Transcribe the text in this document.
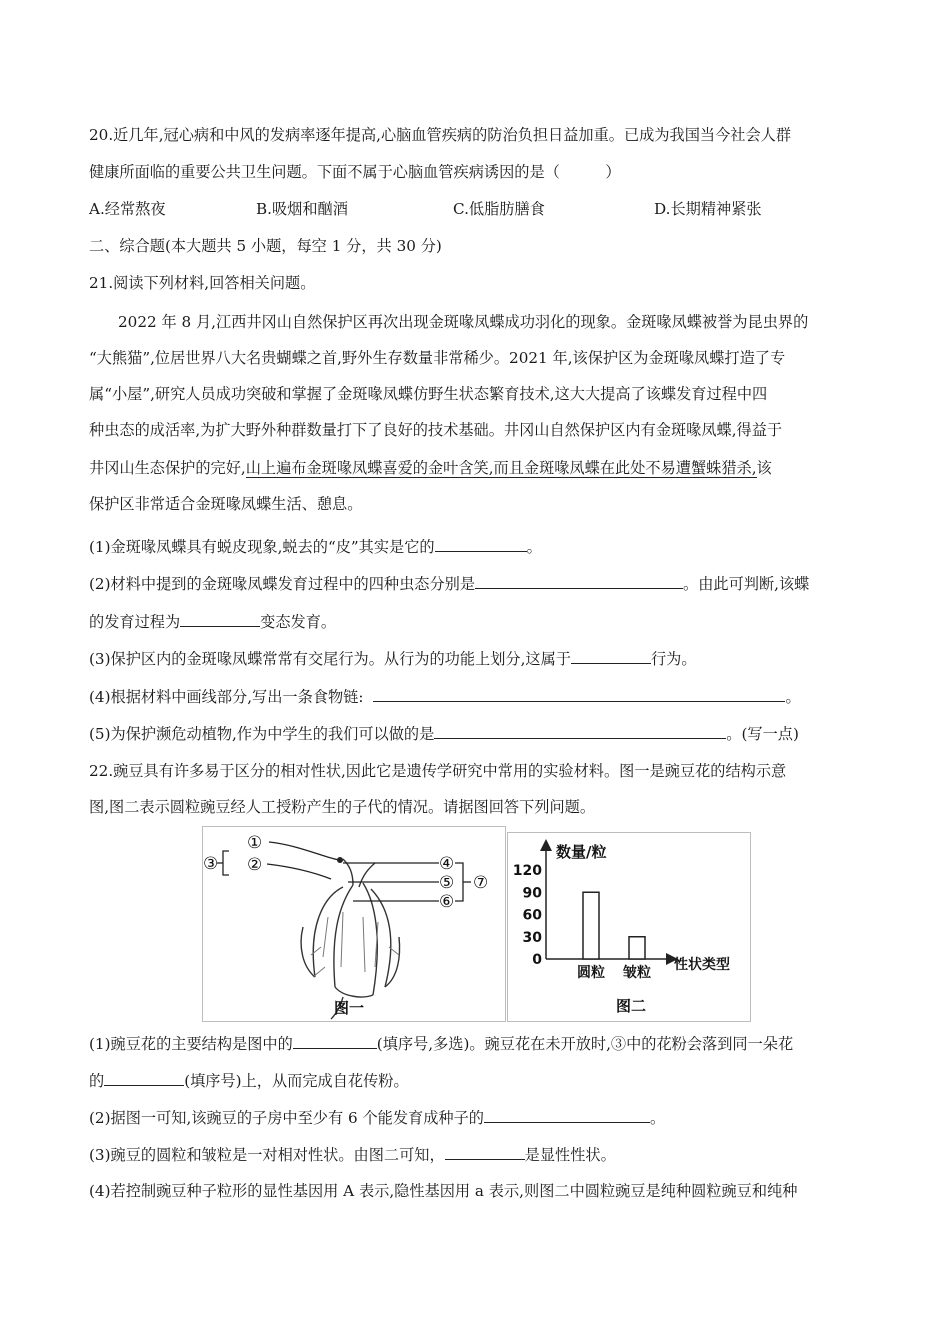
20.近几年,冠心病和中风的发病率逐年提高,心脑血管疾病的防治负担日益加重。已成为我国当今社会人群
健康所面临的重要公共卫生问题。下面不属于心脑血管疾病诱因的是（　　　）
A.经常熬夜	B.吸烟和酗酒	C.低脂肪膳食	D.长期精神紧张
二、综合题(本大题共 5 小题，每空 1 分，共 30 分)
21.阅读下列材料,回答相关问题。
2022 年 8 月,江西井冈山自然保护区再次出现金斑喙凤蝶成功羽化的现象。金斑喙凤蝶被誉为昆虫界的
“大熊猫”,位居世界八大名贵蝴蝶之首,野外生存数量非常稀少。2021 年,该保护区为金斑喙凤蝶打造了专
属“小屋”,研究人员成功突破和掌握了金斑喙凤蝶仿野生状态繁育技术,这大大提高了该蝶发育过程中四
种虫态的成活率,为扩大野外种群数量打下了良好的技术基础。井冈山自然保护区内有金斑喙凤蝶,得益于
井冈山生态保护的完好,山上遍布金斑喙凤蝶喜爱的金叶含笑,而且金斑喙凤蝶在此处不易遭蟹蛛猎杀,该
保护区非常适合金斑喙凤蝶生活、憩息。
(1)金斑喙凤蝶具有蜕皮现象,蜕去的“皮”其实是它的	。
(2)材料中提到的金斑喙凤蝶发育过程中的四种虫态分别是	。由此可判断,该蝶
的发育过程为	变态发育。
(3)保护区内的金斑喙凤蝶常常有交尾行为。从行为的功能上划分,这属于	行为。
(4)根据材料中画线部分,写出一条食物链:	。
(5)为保护濒危动植物,作为中学生的我们可以做的是	。(写一点)
22.豌豆具有许多易于区分的相对性状,因此它是遗传学研究中常用的实验材料。图一是豌豆花的结构示意
图,图二表示圆粒豌豆经人工授粉产生的子代的情况。请据图回答下列问题。
①
②
③	④
⑤
⑥
⑦
图一
数量/粒
性状类型
120
90
60
30
0
圆粒 皱粒
图二
(1)豌豆花的主要结构是图中的	(填序号,多选)。豌豆花在未开放时,③中的花粉会落到同一朵花
的	(填序号)上，从而完成自花传粉。
(2)据图一可知,该豌豆的子房中至少有 6 个能发育成种子的	。
(3)豌豆的圆粒和皱粒是一对相对性状。由图二可知，	是显性性状。
(4)若控制豌豆种子粒形的显性基因用 A 表示,隐性基因用 a 表示,则图二中圆粒豌豆是纯种圆粒豌豆和纯种
